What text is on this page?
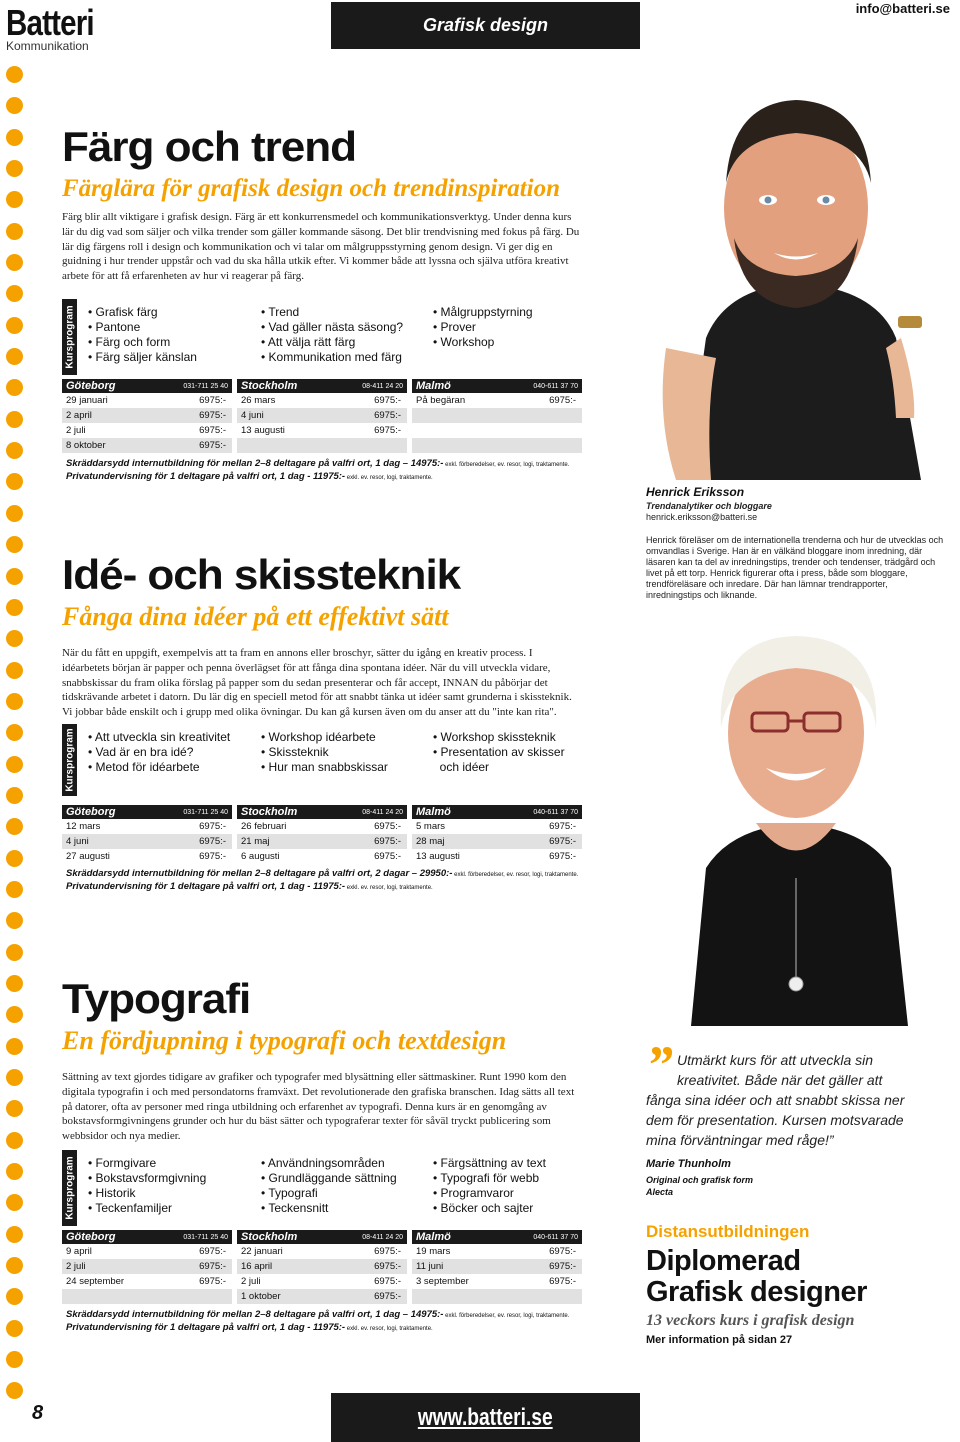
Batteri
Kommunikation
Grafisk design
info@batteri.se
Färg och trend
Färglära för grafisk design och trendinspiration
Färg blir allt viktigare i grafisk design. Färg är ett konkurrensmedel och kommunikationsverktyg. Under denna kurs lär du dig vad som säljer och vilka trender som gäller kommande säsong. Det blir trendvisning med fokus på färg. Du lär dig färgens roll i design och kommunikation och vi talar om målgruppsstyrning genom design. Vi ger dig en guidning i hur trender uppstår och vad du ska hålla utkik efter. Vi kommer både att lyssna och själva utföra kreativt arbete för att få erfarenheten av hur vi reagerar på färg.
Kursprogram	• Grafisk färg
• Pantone
• Färg och form
• Färg säljer känslan
• Trend
• Vad gäller nästa säsong?
• Att välja rätt färg
• Kommunikation med färg
• Målgruppstyrning
• Prover
• Workshop
Göteborg	031-711 25 40
29 januari	6975:-
2 april	6975:-
2 juli	6975:-
8 oktober	6975:-
Stockholm	08-411 24 20
26 mars	6975:-
4 juni	6975:-
13 augusti	6975:-
Malmö	040-611 37 70
På begäran	6975:-
Skräddarsydd internutbildning för mellan 2–8 deltagare på valfri ort, 1 dag – 14975:- exkl. förberedelser, ev. resor, logi, traktamente.
Privatundervisning för 1 deltagare på valfri ort, 1 dag - 11975:- exkl. ev. resor, logi, traktamente.
Idé- och skissteknik
Fånga dina idéer på ett effektivt sätt
När du fått en uppgift, exempelvis att ta fram en annons eller broschyr, sätter du igång en kreativ process. I idéarbetets början är papper och penna överlägset för att fånga dina spontana idéer. När du vill utveckla vidare, snabbskissar du fram olika förslag på papper som du sedan presenterar och får accept, INNAN du påbörjar det tidskrävande arbetet i datorn. Du lär dig en speciell metod för att snabbt tänka ut idéer samt grunderna i skissteknik. Vi jobbar både enskilt och i grupp med olika övningar. Du kan gå kursen även om du anser att du "inte kan rita".
Kursprogram	• Att utveckla sin kreativitet
• Vad är en bra idé?
• Metod för idéarbete
• Workshop idéarbete
• Skissteknik
• Hur man snabbskissar
• Workshop skissteknik
• Presentation av skisser
och idéer
Göteborg	031-711 25 40
12 mars	6975:-
4 juni	6975:-
27 augusti	6975:-
Stockholm	08-411 24 20
26 februari	6975:-
21 maj	6975:-
6 augusti	6975:-
Malmö	040-611 37 70
5 mars	6975:-
28 maj	6975:-
13 augusti	6975:-
Skräddarsydd internutbildning för mellan 2–8 deltagare på valfri ort, 2 dagar – 29950:- exkl. förberedelser, ev. resor, logi, traktamente.
Privatundervisning för 1 deltagare på valfri ort, 1 dag - 11975:- exkl. ev. resor, logi, traktamente.
Typografi
En fördjupning i typografi och textdesign
Sättning av text gjordes tidigare av grafiker och typografer med blysättning eller sättmaskiner. Runt 1990 kom den digitala typografin i och med persondatorns framväxt. Det revolutionerade den grafiska branschen. Idag sätts all text på datorer, ofta av personer med ringa utbildning och erfarenhet av typografi. Denna kurs är en genomgång av bokstavsformgivningens grunder och hur du bäst sätter och typograferar texter för såväl tryckt publicering som webbsidor och nya medier.
Kursprogram	• Formgivare
• Bokstavsformgivning
• Historik
• Teckenfamiljer
• Användningsområden
• Grundläggande sättning
• Typografi
• Teckensnitt
• Färgsättning av text
• Typografi för webb
• Programvaror
• Böcker och sajter
Göteborg	031-711 25 40
9 april	6975:-
2 juli	6975:-
24 september	6975:-
Stockholm	08-411 24 20
22 januari	6975:-
16 april	6975:-
2 juli	6975:-
1 oktober	6975:-
Malmö	040-611 37 70
19 mars	6975:-
11 juni	6975:-
3 september	6975:-
Skräddarsydd internutbildning för mellan 2–8 deltagare på valfri ort, 1 dag – 14975:- exkl. förberedelser, ev. resor, logi, traktamente.
Privatundervisning för 1 deltagare på valfri ort, 1 dag - 11975:- exkl. ev. resor, logi, traktamente.
Henrick Eriksson
Trendanalytiker och bloggare
henrick.eriksson@batteri.se
Henrick föreläser om de internationella trenderna och hur de utvecklas och omvandlas i Sverige. Han är en välkänd bloggare inom inredning, där läsaren kan ta del av inredningstips, trender och tendenser, trädgård och livet på ett torp. Henrick figurerar ofta i press, både som bloggare, trendföreläsare och inredare. Där han lämnar trendrapporter, inredningstips och liknande.
” Utmärkt kurs för att utveckla sin kreativitet. Både när det gäller att fånga sina idéer och att snabbt skissa ner dem för presentation. Kursen motsvarade mina förväntningar med råge!”
Marie Thunholm
Original och grafisk form
Alecta
Distansutbildningen
Diplomerad
Grafisk designer
13 veckors kurs i grafisk design
Mer information på sidan 27
8	www.batteri.se
